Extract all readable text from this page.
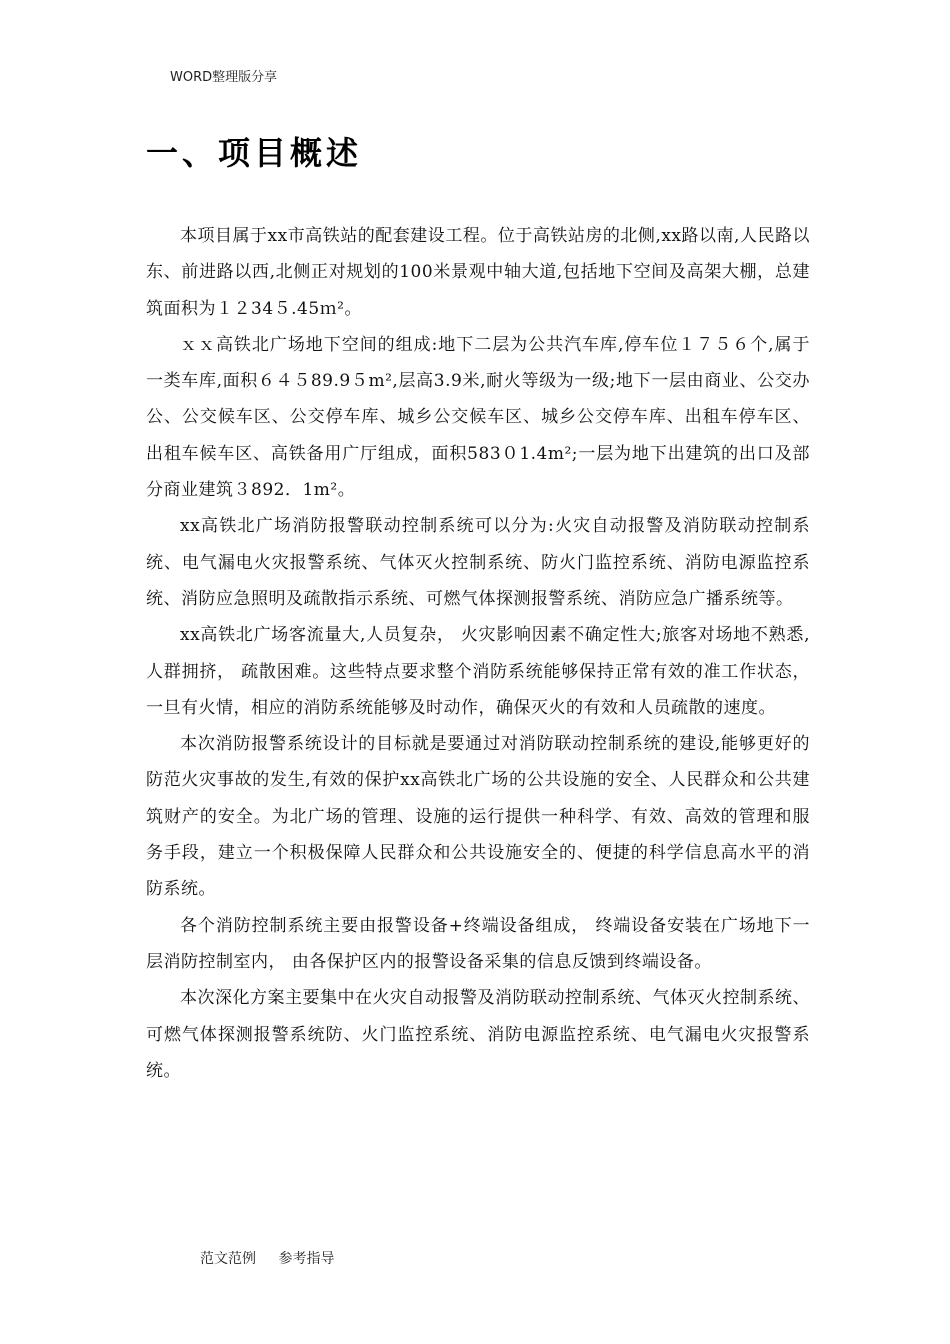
WORD整理版分享
一、项目概述

本项目属于xx市高铁站的配套建设工程。位于高铁站房的北侧,xx路以南,人民路以东、前进路以西,北侧正对规划的100米景观中轴大道,包括地下空间及高架大棚，总建筑面积为１２34５.45ｍ²。

ｘｘ高铁北广场地下空间的组成:地下二层为公共汽车库,停车位１７５６个,属于一类车库,面积６４５89.9５m²,层高3.9米,耐火等级为一级;地下一层由商业、公交办公、公交候车区、公交停车库、城乡公交候车区、城乡公交停车库、出租车停车区、出租车候车区、高铁备用广厅组成，面积583０1.4m²;一层为地下出建筑的出口及部分商业建筑３892．1m²。

xx高铁北广场消防报警联动控制系统可以分为:火灾自动报警及消防联动控制系统、电气漏电火灾报警系统、气体灭火控制系统、防火门监控系统、消防电源监控系统、消防应急照明及疏散指示系统、可燃气体探测报警系统、消防应急广播系统等。

xx高铁北广场客流量大,人员复杂， 火灾影响因素不确定性大;旅客对场地不熟悉,人群拥挤， 疏散困难。这些特点要求整个消防系统能够保持正常有效的准工作状态，一旦有火情，相应的消防系统能够及时动作，确保灭火的有效和人员疏散的速度。

本次消防报警系统设计的目标就是要通过对消防联动控制系统的建设,能够更好的防范火灾事故的发生,有效的保护xx高铁北广场的公共设施的安全、人民群众和公共建筑财产的安全。为北广场的管理、设施的运行提供一种科学、有效、高效的管理和服务手段，建立一个积极保障人民群众和公共设施安全的、便捷的科学信息高水平的消防系统。

各个消防控制系统主要由报警设备+终端设备组成， 终端设备安装在广场地下一层消防控制室内， 由各保护区内的报警设备采集的信息反馈到终端设备。

本次深化方案主要集中在火灾自动报警及消防联动控制系统、气体灭火控制系统、可燃气体探测报警系统防、火门监控系统、消防电源监控系统、电气漏电火灾报警系统。

范文范例 参考指导
